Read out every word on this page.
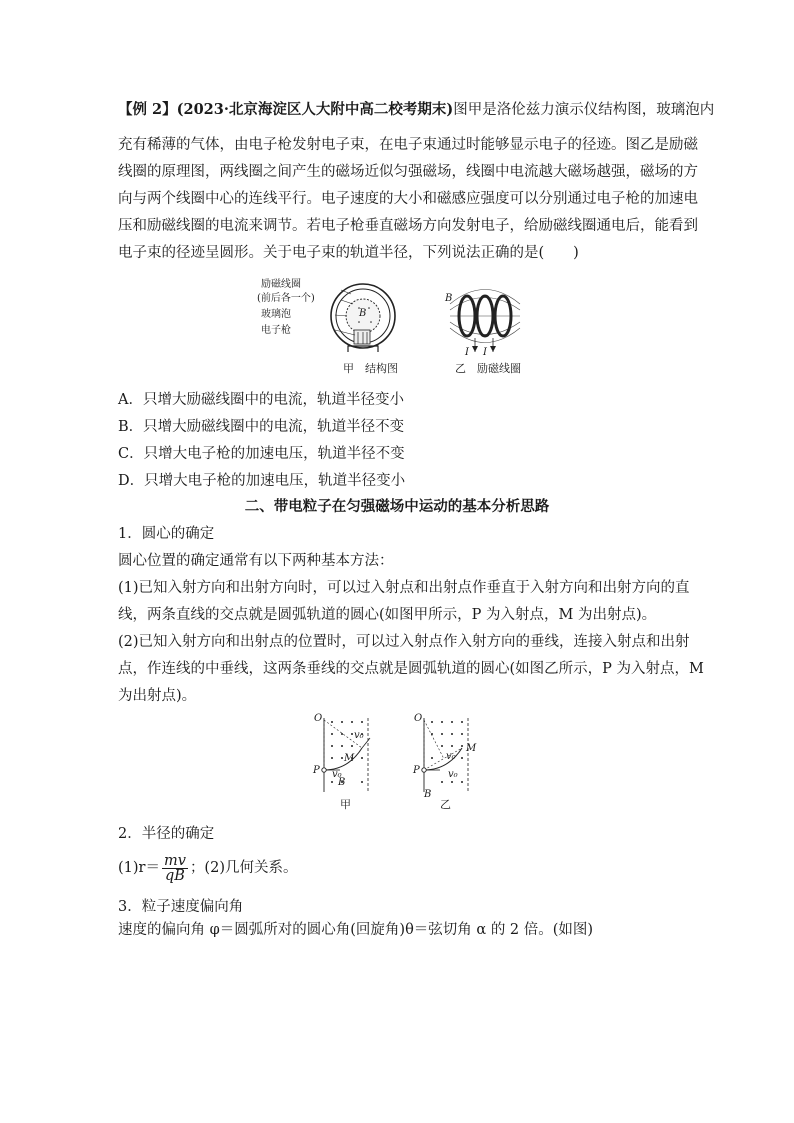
【例 2】(2023·北京海淀区人大附中高二校考期末)图甲是洛伦兹力演示仪结构图，玻璃泡内
充有稀薄的气体，由电子枪发射电子束，在电子束通过时能够显示电子的径迹。图乙是励磁
线圈的原理图，两线圈之间产生的磁场近似匀强磁场，线圈中电流越大磁场越强，磁场的方
向与两个线圈中心的连线平行。电子速度的大小和磁感应强度可以分别通过电子枪的加速电
压和励磁线圈的电流来调节。若电子枪垂直磁场方向发射电子，给励磁线圈通电后，能看到
电子束的径迹呈圆形。关于电子束的轨道半径，下列说法正确的是(　　)
励磁线圈
(前后各一个)
玻璃泡
电子枪
B
甲　结构图
B
I I
乙　励磁线圈
A．只增大励磁线圈中的电流，轨道半径变小
B．只增大励磁线圈中的电流，轨道半径不变
C．只增大电子枪的加速电压，轨道半径不变
D．只增大电子枪的加速电压，轨道半径变小
二、带电粒子在匀强磁场中运动的基本分析思路
1．圆心的确定
圆心位置的确定通常有以下两种基本方法：
(1)已知入射方向和出射方向时，可以过入射点和出射点作垂直于入射方向和出射方向的直
线，两条直线的交点就是圆弧轨道的圆心(如图甲所示，P 为入射点，M 为出射点)。
(2)已知入射方向和出射点的位置时，可以过入射点作入射方向的垂线，连接入射点和出射
点，作连线的中垂线，这两条垂线的交点就是圆弧轨道的圆心(如图乙所示，P 为入射点，M
为出射点)。
O
P
M
v₀
v₀
B
甲
O
P
M
v₀
v₀
B
乙
2．半径的确定
$(1)r= \frac{mv}{qB}$ ；(2)几何关系。
3．粒子速度偏向角
速度的偏向角 φ＝圆弧所对的圆心角(回旋角)θ＝弦切角 α 的 2 倍。(如图)
